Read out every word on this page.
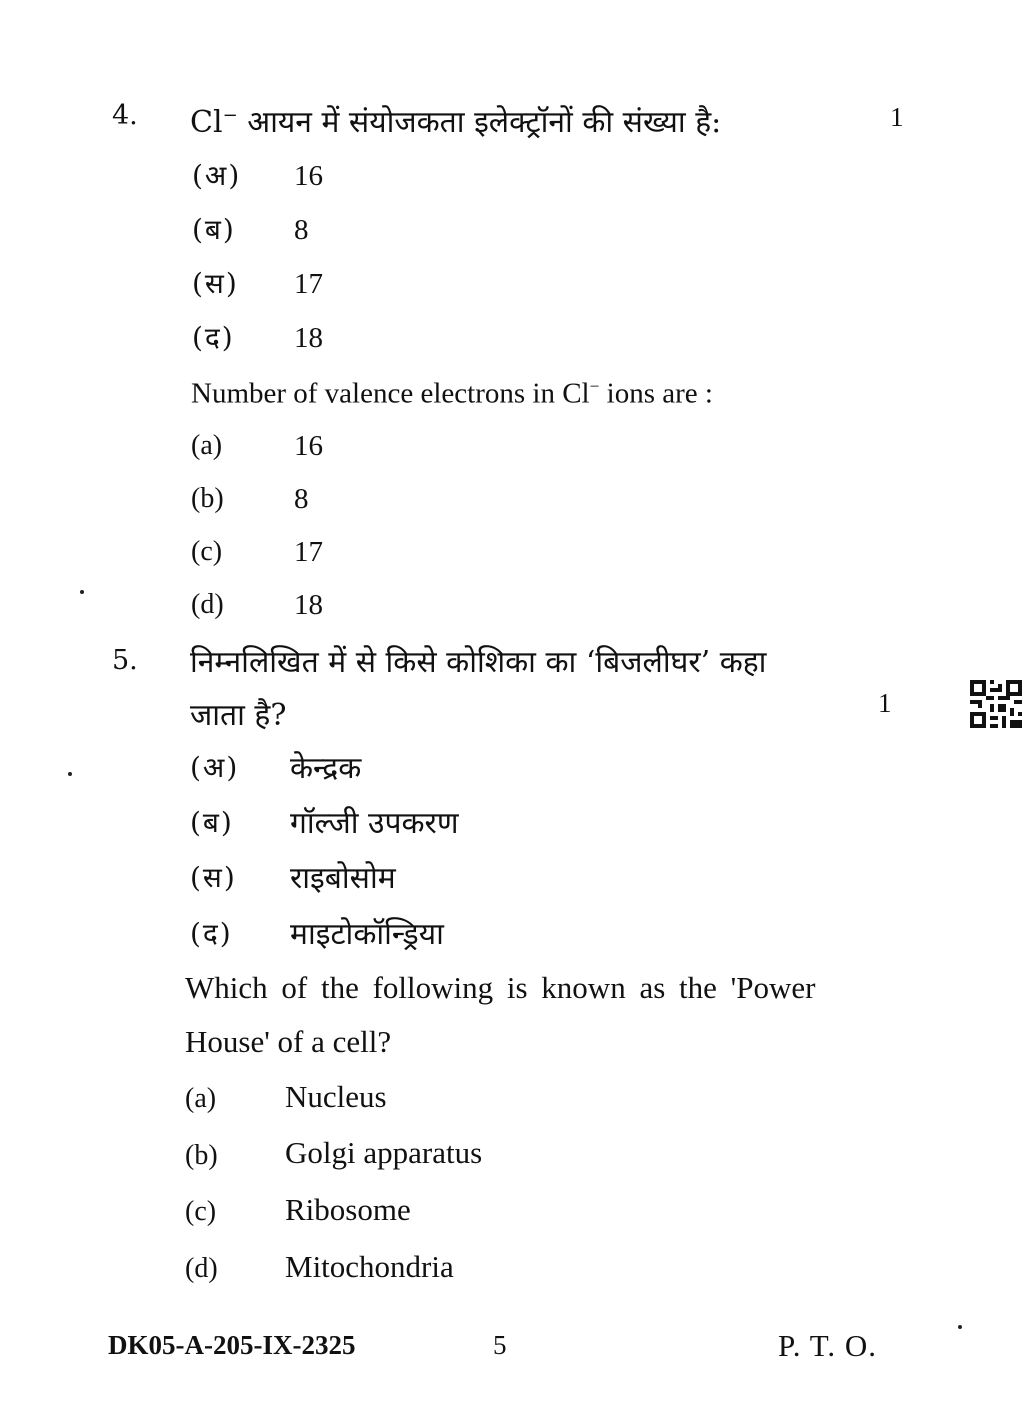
4. Cl− आयन में संयोजकता इलेक्ट्रॉनों की संख्या है:	1
(अ) 16
(ब) 8
(स) 17
(द) 18
Number of valence electrons in Cl− ions are :
(a) 16
(b) 8
(c) 17
(d) 18
5. निम्नलिखित में से किसे कोशिका का ‘बिजलीघर’ कहा
जाता है?	1
(अ) केन्द्रक
(ब) गॉल्जी उपकरण
(स) राइबोसोम
(द) माइटोकॉन्ड्रिया
Which of the following is known as the 'Power
House' of a cell?
(a) Nucleus
(b) Golgi apparatus
(c) Ribosome
(d) Mitochondria
DK05-A-205-IX-2325	5	P. T. O.
